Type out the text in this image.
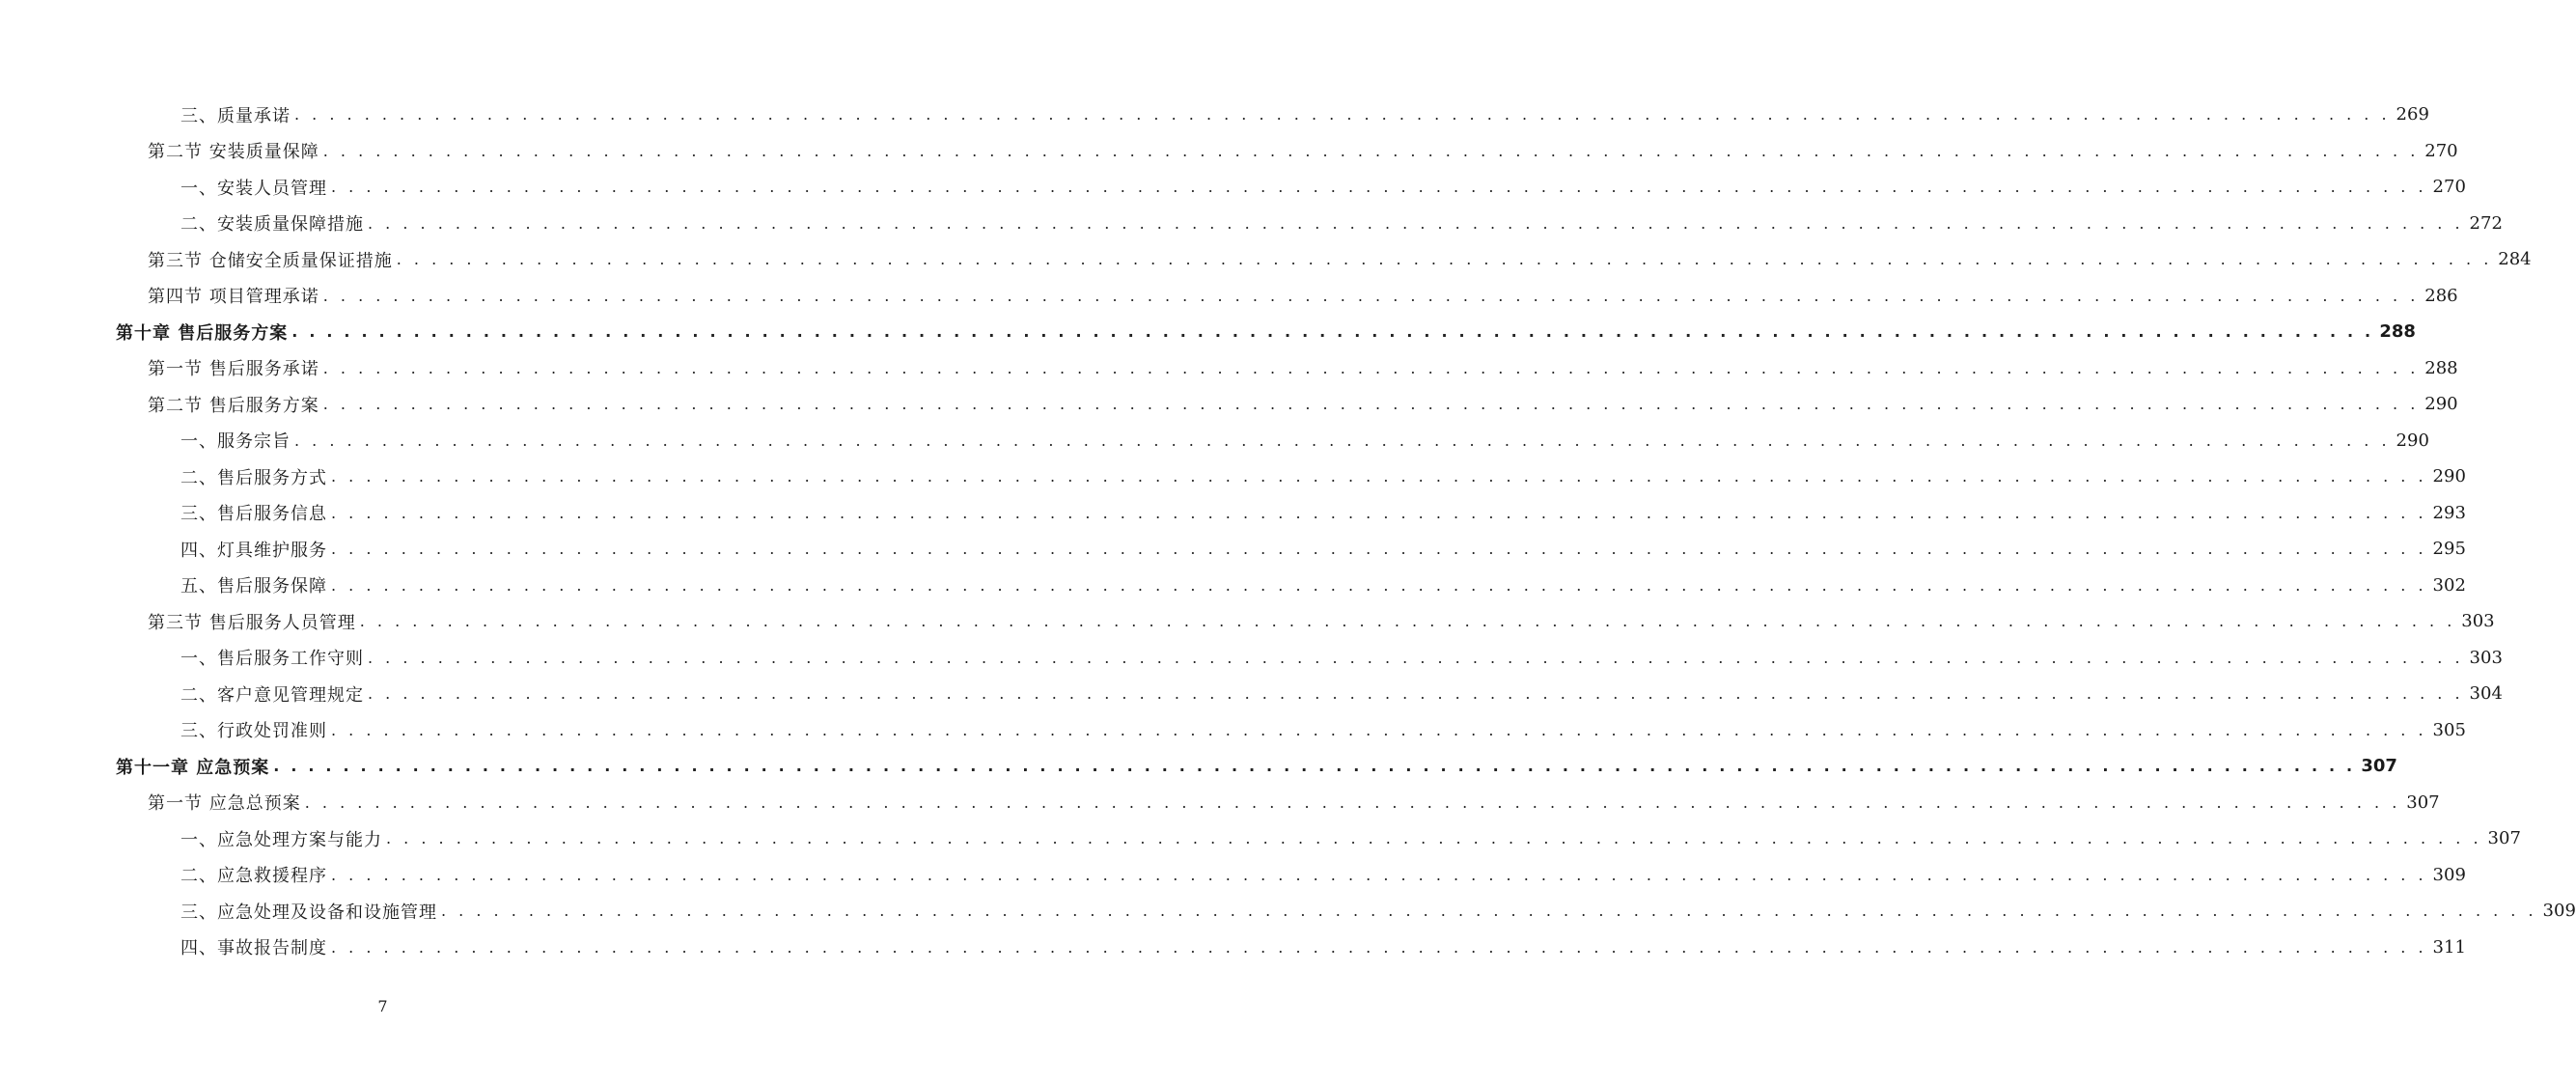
三、质量承诺 . . . . . . . . . . . . . . . . . . . . . . . . . . . . . . . . . . . . . . . . . . . . . . . . . . . . . . . . . . . . . . . . . . . . . . . . . . . . . . . . . . . . . . . . . . . . . . . . . . . . . . . . . . . . . . . . . . . . . . . . 269
第二节 安装质量保障 . . . . . . . . . . . . . . . . . . . . . . . . . . . . . . . . . . . . . . . . . . . . . . . . . . . . . . . . . . . . . . . . . . . . . . . . . . . . . . . . . . . . . . . . . . . . . . . . . . . . . . . . . . . . . . . . . . . . . . . . 270
一、安装人员管理 . . . . . . . . . . . . . . . . . . . . . . . . . . . . . . . . . . . . . . . . . . . . . . . . . . . . . . . . . . . . . . . . . . . . . . . . . . . . . . . . . . . . . . . . . . . . . . . . . . . . . . . . . . . . . . . . . . . . . . . . 270
二、安装质量保障措施 . . . . . . . . . . . . . . . . . . . . . . . . . . . . . . . . . . . . . . . . . . . . . . . . . . . . . . . . . . . . . . . . . . . . . . . . . . . . . . . . . . . . . . . . . . . . . . . . . . . . . . . . . . . . . . . . . . . . . . . . 272
第三节 仓储安全质量保证措施 . . . . . . . . . . . . . . . . . . . . . . . . . . . . . . . . . . . . . . . . . . . . . . . . . . . . . . . . . . . . . . . . . . . . . . . . . . . . . . . . . . . . . . . . . . . . . . . . . . . . . . . . . . . . . . . . . . . . . . . . 284
第四节 项目管理承诺 . . . . . . . . . . . . . . . . . . . . . . . . . . . . . . . . . . . . . . . . . . . . . . . . . . . . . . . . . . . . . . . . . . . . . . . . . . . . . . . . . . . . . . . . . . . . . . . . . . . . . . . . . . . . . . . . . . . . . . . . 286
第十章 售后服务方案 . . . . . . . . . . . . . . . . . . . . . . . . . . . . . . . . . . . . . . . . . . . . . . . . . . . . . . . . . . . . . . . . . . . . . . . . . . . . . . . . . . . . . . . . . . . . . . . . . . . . . . . . . . . . . . . . . . . . . . . . 288
第一节 售后服务承诺 . . . . . . . . . . . . . . . . . . . . . . . . . . . . . . . . . . . . . . . . . . . . . . . . . . . . . . . . . . . . . . . . . . . . . . . . . . . . . . . . . . . . . . . . . . . . . . . . . . . . . . . . . . . . . . . . . . . . . . . . 288
第二节 售后服务方案 . . . . . . . . . . . . . . . . . . . . . . . . . . . . . . . . . . . . . . . . . . . . . . . . . . . . . . . . . . . . . . . . . . . . . . . . . . . . . . . . . . . . . . . . . . . . . . . . . . . . . . . . . . . . . . . . . . . . . . . . 290
一、服务宗旨 . . . . . . . . . . . . . . . . . . . . . . . . . . . . . . . . . . . . . . . . . . . . . . . . . . . . . . . . . . . . . . . . . . . . . . . . . . . . . . . . . . . . . . . . . . . . . . . . . . . . . . . . . . . . . . . . . . . . . . . . 290
二、售后服务方式 . . . . . . . . . . . . . . . . . . . . . . . . . . . . . . . . . . . . . . . . . . . . . . . . . . . . . . . . . . . . . . . . . . . . . . . . . . . . . . . . . . . . . . . . . . . . . . . . . . . . . . . . . . . . . . . . . . . . . . . . 290
三、售后服务信息 . . . . . . . . . . . . . . . . . . . . . . . . . . . . . . . . . . . . . . . . . . . . . . . . . . . . . . . . . . . . . . . . . . . . . . . . . . . . . . . . . . . . . . . . . . . . . . . . . . . . . . . . . . . . . . . . . . . . . . . . 293
四、灯具维护服务 . . . . . . . . . . . . . . . . . . . . . . . . . . . . . . . . . . . . . . . . . . . . . . . . . . . . . . . . . . . . . . . . . . . . . . . . . . . . . . . . . . . . . . . . . . . . . . . . . . . . . . . . . . . . . . . . . . . . . . . . 295
五、售后服务保障 . . . . . . . . . . . . . . . . . . . . . . . . . . . . . . . . . . . . . . . . . . . . . . . . . . . . . . . . . . . . . . . . . . . . . . . . . . . . . . . . . . . . . . . . . . . . . . . . . . . . . . . . . . . . . . . . . . . . . . . . 302
第三节 售后服务人员管理 . . . . . . . . . . . . . . . . . . . . . . . . . . . . . . . . . . . . . . . . . . . . . . . . . . . . . . . . . . . . . . . . . . . . . . . . . . . . . . . . . . . . . . . . . . . . . . . . . . . . . . . . . . . . . . . . . . . . . . . . 303
一、售后服务工作守则 . . . . . . . . . . . . . . . . . . . . . . . . . . . . . . . . . . . . . . . . . . . . . . . . . . . . . . . . . . . . . . . . . . . . . . . . . . . . . . . . . . . . . . . . . . . . . . . . . . . . . . . . . . . . . . . . . . . . . . . . 303
二、客户意见管理规定 . . . . . . . . . . . . . . . . . . . . . . . . . . . . . . . . . . . . . . . . . . . . . . . . . . . . . . . . . . . . . . . . . . . . . . . . . . . . . . . . . . . . . . . . . . . . . . . . . . . . . . . . . . . . . . . . . . . . . . . . 304
三、行政处罚准则 . . . . . . . . . . . . . . . . . . . . . . . . . . . . . . . . . . . . . . . . . . . . . . . . . . . . . . . . . . . . . . . . . . . . . . . . . . . . . . . . . . . . . . . . . . . . . . . . . . . . . . . . . . . . . . . . . . . . . . . . 305
第十一章 应急预案 . . . . . . . . . . . . . . . . . . . . . . . . . . . . . . . . . . . . . . . . . . . . . . . . . . . . . . . . . . . . . . . . . . . . . . . . . . . . . . . . . . . . . . . . . . . . . . . . . . . . . . . . . . . . . . . . . . . . . . . . 307
第一节 应急总预案 . . . . . . . . . . . . . . . . . . . . . . . . . . . . . . . . . . . . . . . . . . . . . . . . . . . . . . . . . . . . . . . . . . . . . . . . . . . . . . . . . . . . . . . . . . . . . . . . . . . . . . . . . . . . . . . . . . . . . . . . 307
一、应急处理方案与能力 . . . . . . . . . . . . . . . . . . . . . . . . . . . . . . . . . . . . . . . . . . . . . . . . . . . . . . . . . . . . . . . . . . . . . . . . . . . . . . . . . . . . . . . . . . . . . . . . . . . . . . . . . . . . . . . . . . . . . . . . 307
二、应急救援程序 . . . . . . . . . . . . . . . . . . . . . . . . . . . . . . . . . . . . . . . . . . . . . . . . . . . . . . . . . . . . . . . . . . . . . . . . . . . . . . . . . . . . . . . . . . . . . . . . . . . . . . . . . . . . . . . . . . . . . . . . 309
三、应急处理及设备和设施管理 . . . . . . . . . . . . . . . . . . . . . . . . . . . . . . . . . . . . . . . . . . . . . . . . . . . . . . . . . . . . . . . . . . . . . . . . . . . . . . . . . . . . . . . . . . . . . . . . . . . . . . . . . . . . . . . . . . . . . . . . 309
四、事故报告制度 . . . . . . . . . . . . . . . . . . . . . . . . . . . . . . . . . . . . . . . . . . . . . . . . . . . . . . . . . . . . . . . . . . . . . . . . . . . . . . . . . . . . . . . . . . . . . . . . . . . . . . . . . . . . . . . . . . . . . . . . 311
7
